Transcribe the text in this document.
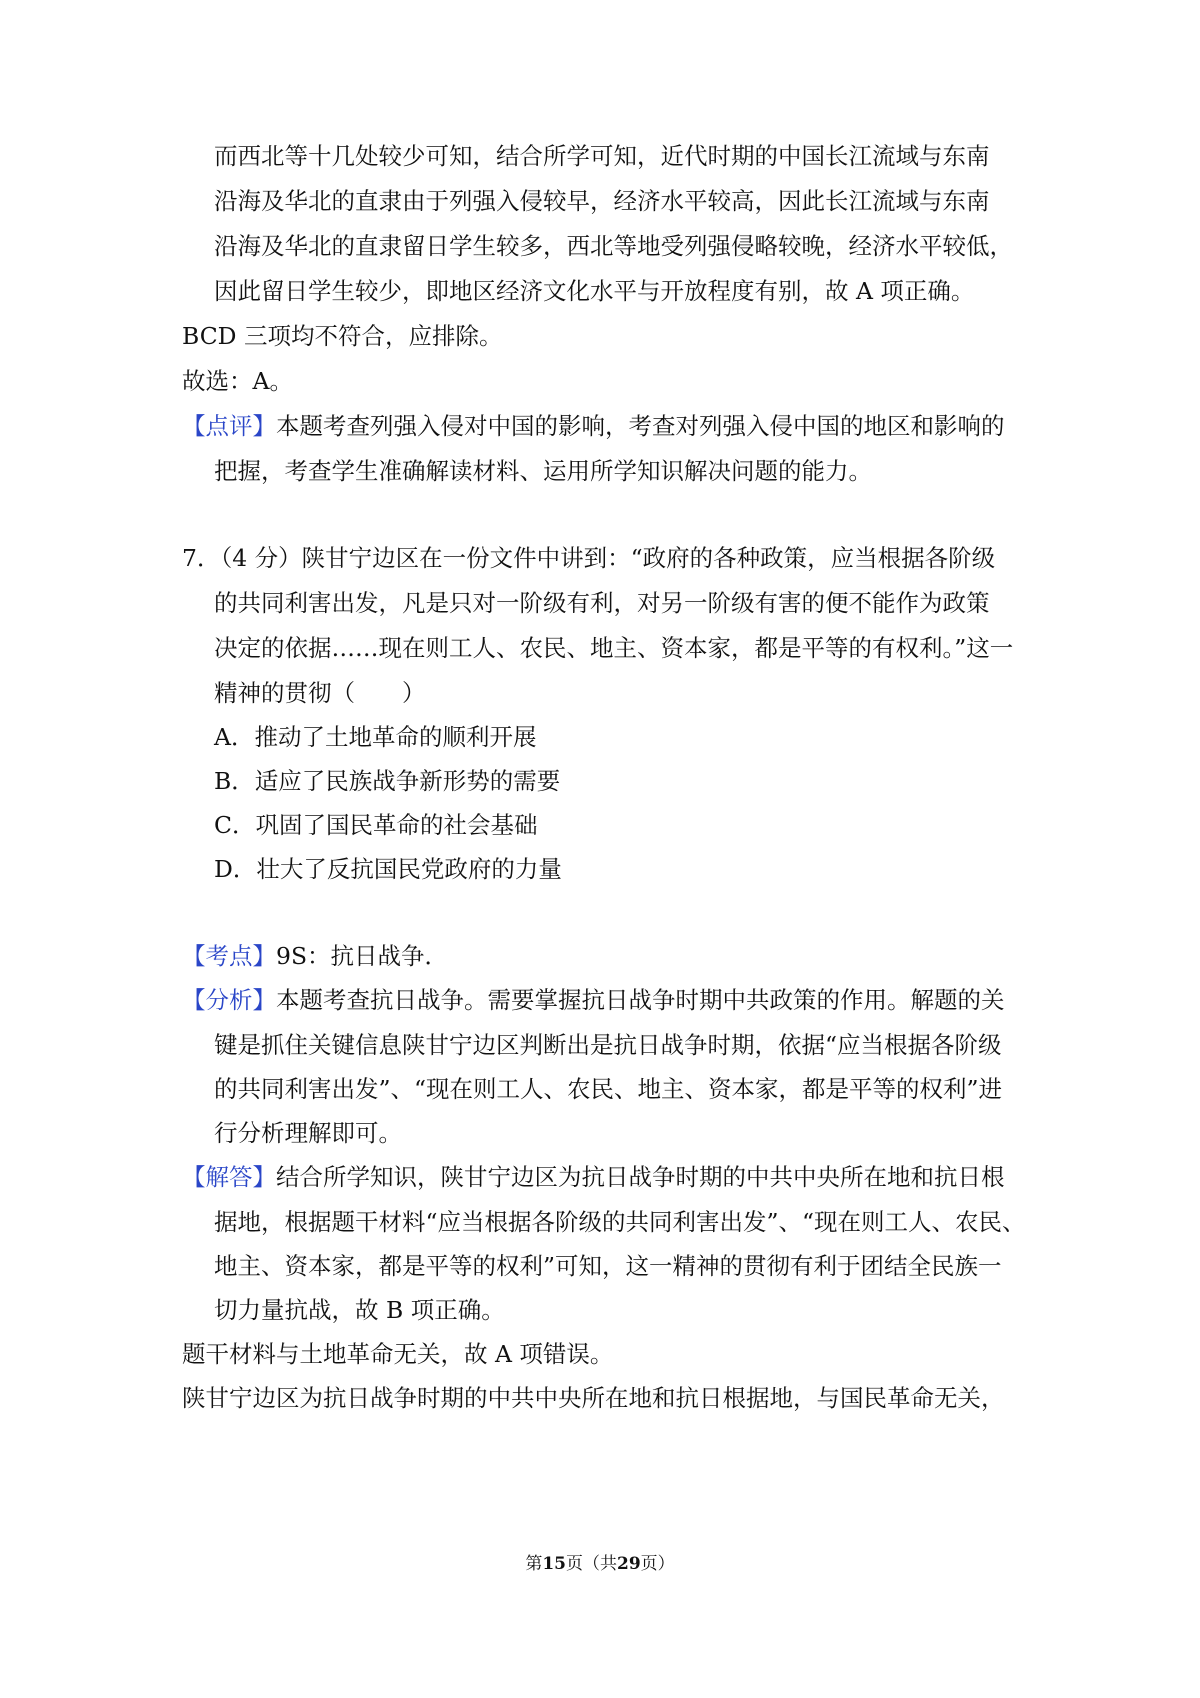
而西北等十几处较少可知，结合所学可知，近代时期的中国长江流域与东南

沿海及华北的直隶由于列强入侵较早，经济水平较高，因此长江流域与东南

沿海及华北的直隶留日学生较多，西北等地受列强侵略较晚，经济水平较低，

因此留日学生较少，即地区经济文化水平与开放程度有别，故 A 项正确。

BCD 三项均不符合，应排除。

故选：A。

【点评】本题考查列强入侵对中国的影响，考查对列强入侵中国的地区和影响的

把握，考查学生准确解读材料、运用所学知识解决问题的能力。

7．（4 分）陕甘宁边区在一份文件中讲到：“政府的各种政策，应当根据各阶级

的共同利害出发，凡是只对一阶级有利，对另一阶级有害的便不能作为政策

决定的依据……现在则工人、农民、地主、资本家，都是平等的有权利。”这一

精神的贯彻（　　）

A．推动了土地革命的顺利开展

B．适应了民族战争新形势的需要

C．巩固了国民革命的社会基础

D．壮大了反抗国民党政府的力量

【考点】9S：抗日战争．

【分析】本题考查抗日战争。需要掌握抗日战争时期中共政策的作用。解题的关

键是抓住关键信息陕甘宁边区判断出是抗日战争时期，依据“应当根据各阶级

的共同利害出发”、“现在则工人、农民、地主、资本家，都是平等的权利”进

行分析理解即可。

【解答】结合所学知识，陕甘宁边区为抗日战争时期的中共中央所在地和抗日根

据地，根据题干材料“应当根据各阶级的共同利害出发”、“现在则工人、农民、

地主、资本家，都是平等的权利”可知，这一精神的贯彻有利于团结全民族一

切力量抗战，故 B 项正确。

题干材料与土地革命无关，故 A 项错误。

陕甘宁边区为抗日战争时期的中共中央所在地和抗日根据地，与国民革命无关，

第15页（共29页）
